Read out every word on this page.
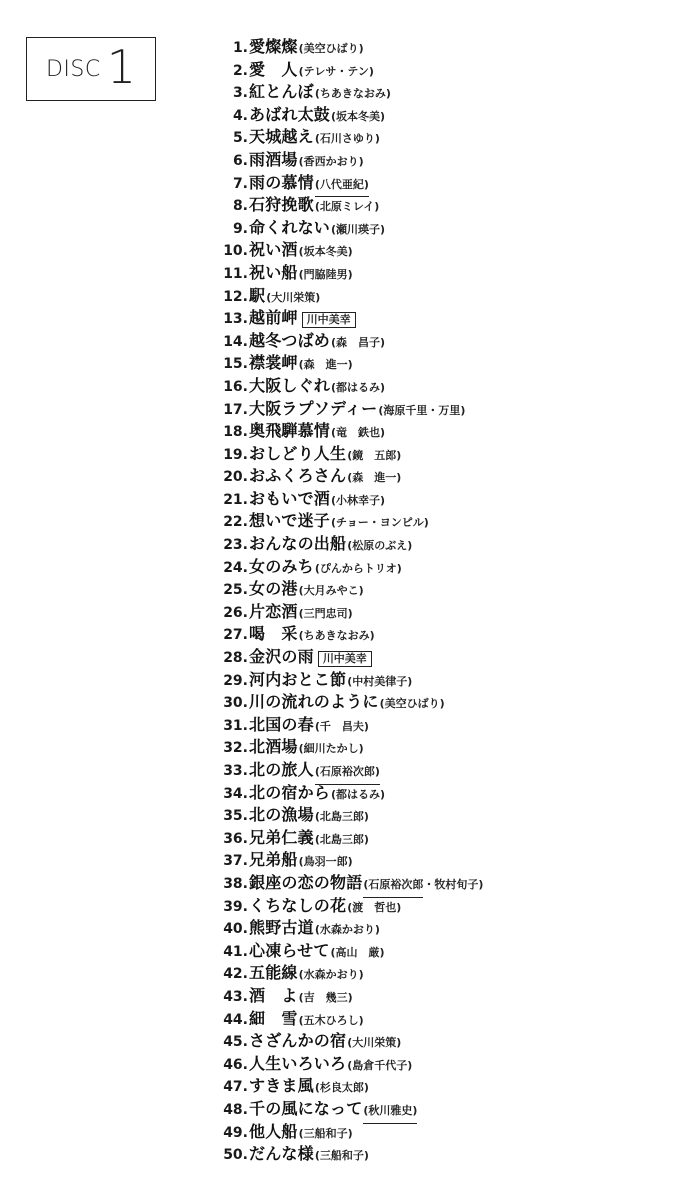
DISC 1	1. 愛燦燦 (美空ひばり)
2. 愛　人 (テレサ・テン)
3. 紅とんぼ (ちあきなおみ)
4. あばれ太鼓 (坂本冬美)
5. 天城越え (石川さゆり)
6. 雨酒場 (香西かおり)
7. 雨の慕情 (八代亜紀)
8. 石狩挽歌 (北原ミレイ)
9. 命くれない (瀬川瑛子)
10. 祝い酒 (坂本冬美)
11. 祝い船 (門脇陸男)
12. 駅 (大川栄策)
13. 越前岬 川中美幸
14. 越冬つばめ (森　昌子)
15. 襟裳岬 (森　進一)
16. 大阪しぐれ (都はるみ)
17. 大阪ラプソディー (海原千里・万里)
18. 奥飛騨慕情 (竜　鉄也)
19. おしどり人生 (鏡　五郎)
20. おふくろさん (森　進一)
21. おもいで酒 (小林幸子)
22. 想いで迷子 (チョー・ヨンピル)
23. おんなの出船 (松原のぶえ)
24. 女のみち (ぴんからトリオ)
25. 女の港 (大月みやこ)
26. 片恋酒 (三門忠司)
27. 喝　采 (ちあきなおみ)
28. 金沢の雨 川中美幸
29. 河内おとこ節 (中村美律子)
30. 川の流れのように (美空ひばり)
31. 北国の春 (千　昌夫)
32. 北酒場 (細川たかし)
33. 北の旅人 (石原裕次郎)
34. 北の宿から (都はるみ)
35. 北の漁場 (北島三郎)
36. 兄弟仁義 (北島三郎)
37. 兄弟船 (鳥羽一郎)
38. 銀座の恋の物語 (石原裕次郎 ・牧村旬子)
39. くちなしの花 (渡　哲也)
40. 熊野古道 (水森かおり)
41. 心凍らせて (高山　厳)
42. 五能線 (水森かおり)
43. 酒　よ (吉　幾三)
44. 細　雪 (五木ひろし)
45. さざんかの宿 (大川栄策)
46. 人生いろいろ (島倉千代子)
47. すきま風 (杉良太郎)
48. 千の風になって (秋川雅史)
49. 他人船 (三船和子)
50. だんな様 (三船和子)
